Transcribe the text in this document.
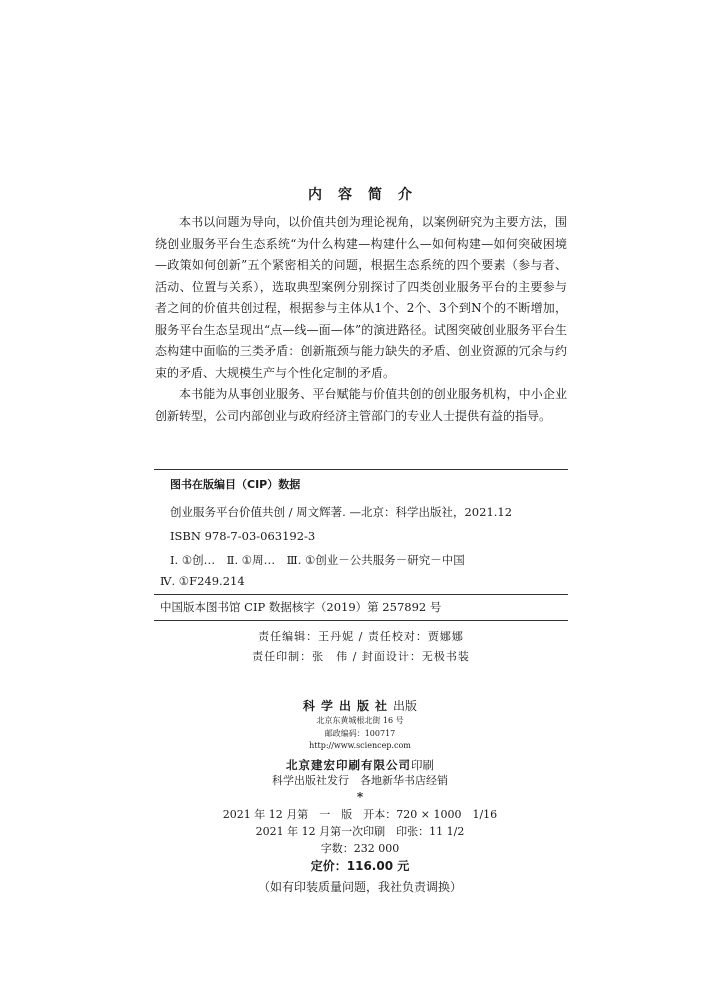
内容简介

本书以问题为导向，以价值共创为理论视角，以案例研究为主要方法，围绕创业服务平台生态系统“为什么构建—构建什么—如何构建—如何突破困境—政策如何创新”五个紧密相关的问题，根据生态系统的四个要素（参与者、活动、位置与关系），选取典型案例分别探讨了四类创业服务平台的主要参与者之间的价值共创过程，根据参与主体从1个、2个、3个到N个的不断增加，服务平台生态呈现出“点—线—面—体”的演进路径。试图突破创业服务平台生态构建中面临的三类矛盾：创新瓶颈与能力缺失的矛盾、创业资源的冗余与约束的矛盾、大规模生产与个性化定制的矛盾。

本书能为从事创业服务、平台赋能与价值共创的创业服务机构，中小企业创新转型，公司内部创业与政府经济主管部门的专业人士提供有益的指导。

图书在版编目（CIP）数据
创业服务平台价值共创 / 周文辉著. —北京：科学出版社，2021.12
ISBN 978-7-03-063192-3
Ⅰ. ①创…　Ⅱ. ①周…　Ⅲ. ①创业－公共服务－研究－中国
Ⅳ. ①F249.214
中国版本图书馆 CIP 数据核字（2019）第 257892 号
责任编辑：王丹妮 / 责任校对：贾娜娜
责任印制：张　伟 / 封面设计：无极书装
科学出版社出版
北京东黄城根北街 16 号
邮政编码：100717
http://www.sciencep.com
北京建宏印刷有限公司印刷
科学出版社发行　各地新华书店经销
*
2021 年 12 月第　一　版　开本：720 × 1000　1/16
2021 年 12 月第一次印刷　印张：11 1/2
字数：232 000
定价：116.00 元
（如有印装质量问题，我社负责调换）
